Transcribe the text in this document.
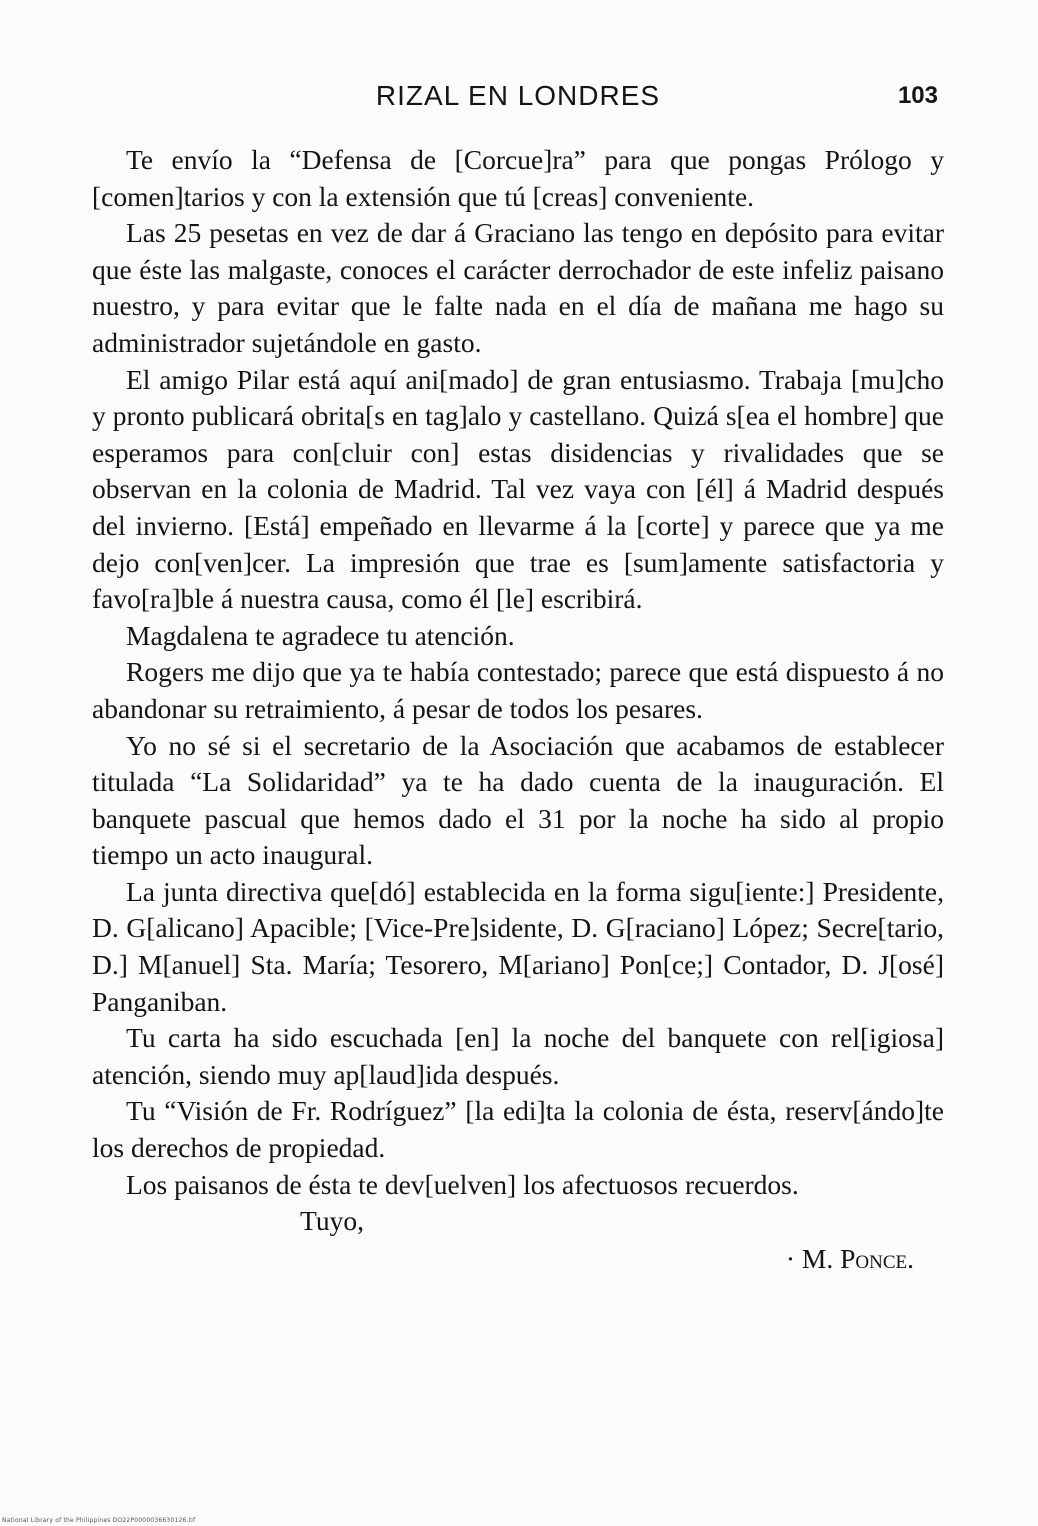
RIZAL EN LONDRES	103

Te envío la “Defensa de [Corcue]ra” para que pongas Prólogo y [comen]tarios y con la extensión que tú [creas] conveniente.

Las 25 pesetas en vez de dar á Graciano las tengo en depósito para evitar que éste las malgaste, conoces el carácter derrochador de este infeliz paisano nuestro, y para evitar que le falte nada en el día de mañana me hago su administrador sujetándole en gasto.

El amigo Pilar está aquí ani[mado] de gran entusiasmo. Trabaja [mu]cho y pronto publicará obrita[s en tag]alo y castellano. Quizá s[ea el hombre] que esperamos para con[cluir con] estas disidencias y rivalidades que se observan en la colonia de Madrid. Tal vez vaya con [él] á Madrid después del invierno. [Está] empeñado en llevarme á la [corte] y parece que ya me dejo con[ven]cer. La impresión que trae es [sum]amente satisfactoria y favo[ra]ble á nuestra causa, como él [le] escribirá.

Magdalena te agradece tu atención.

Rogers me dijo que ya te había contestado; parece que está dispuesto á no abandonar su retraimiento, á pesar de todos los pesares.

Yo no sé si el secretario de la Asociación que acabamos de establecer titulada “La Solidaridad” ya te ha dado cuenta de la inauguración. El banquete pascual que hemos dado el 31 por la noche ha sido al propio tiempo un acto inaugural.

La junta directiva que[dó] establecida en la forma sigu[iente:] Presidente, D. G[alicano] Apacible; [Vice-Pre]sidente, D. G[raciano] López; Secre[tario, D.] M[anuel] Sta. María; Tesorero, M[ariano] Pon[ce;] Contador, D. J[osé] Panganiban.

Tu carta ha sido escuchada [en] la noche del banquete con rel[igiosa] atención, siendo muy ap[laud]ida después.

Tu “Visión de Fr. Rodríguez” [la edi]ta la colonia de ésta, reserv[ándo]te los derechos de propiedad.

Los paisanos de ésta te dev[uelven] los afectuosos recuerdos.

Tuyo,
· M. Ponce.
National Library of the Philippines DO22P0000036630126.tif
